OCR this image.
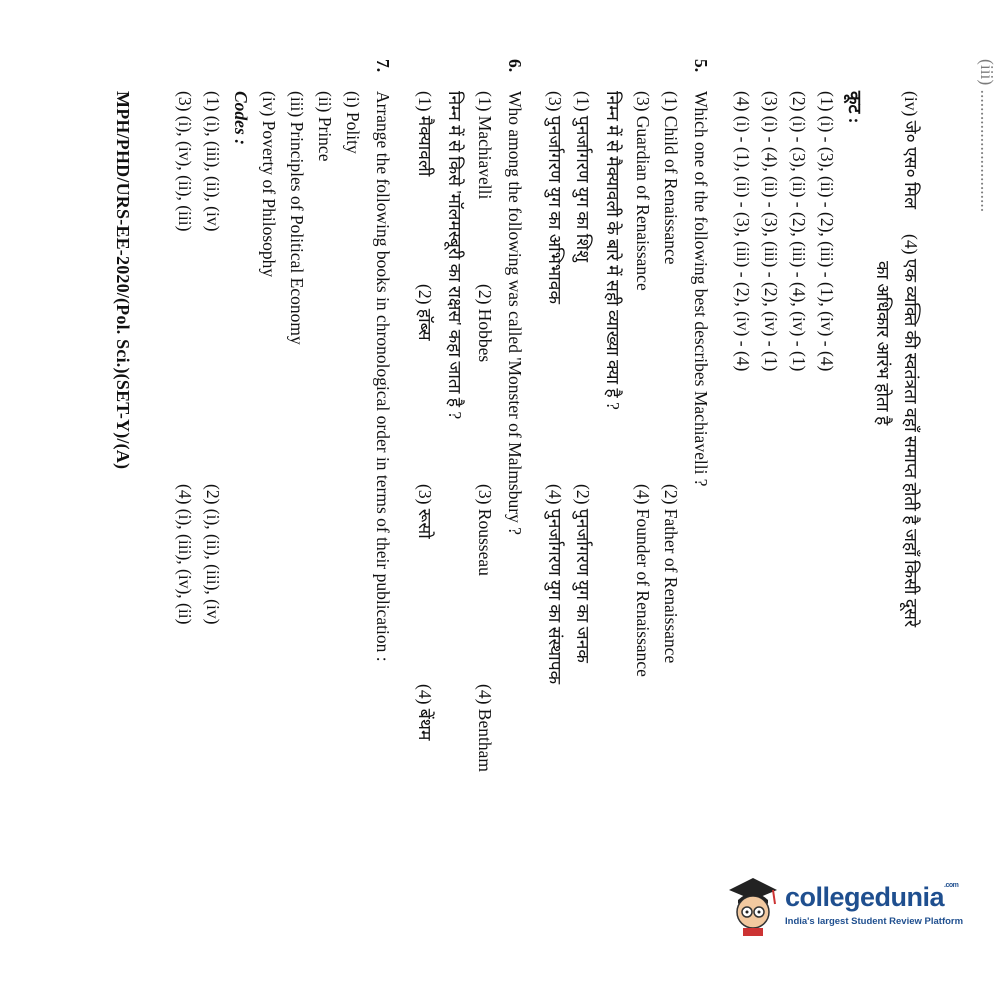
(iii) ............................
(iv) जे० एस० मिल
(4) एक व्यक्ति की स्वतंत्रता वहाँ समाप्त होती है जहाँ किसी दूसरे
का अधिकार आरंभ होता है
कूट :
(1) (i) - (3), (ii) - (2), (iii) - (1), (iv) - (4)
(2) (i) - (3), (ii) - (2), (iii) - (4), (iv) - (1)
(3) (i) - (4), (ii) - (3), (iii) - (2), (iv) - (1)
(4) (i) - (1), (ii) - (3), (iii) - (2), (iv) - (4)
5.
Which one of the following best describes Machiavelli ?
(1) Child of Renaissance
(2) Father of Renaissance
(3) Guardian of Renaissance
(4) Founder of Renaissance
निम्न में से मैक्यावली के बारे में सही व्याख्या क्या है ?
(1) पुनर्जागरण युग का शिशु
(2) पुनर्जागरण युग का जनक
(3) पुनर्जागरण युग का अभिभावक
(4) पुनर्जागरण युग का संस्थापक
6.
Who among the following was called 'Monster of Malmsbury ?
(1) Machiavelli
(2) Hobbes
(3) Rousseau
(4) Bentham
निम्न में से किसे 'मॉलमस्बूरी का राक्षस' कहा जाता है ?
(1) मैक्यावली
(2) हॉब्स
(3) रूसो
(4) बेंथम
7.
Arrange the following books in chronological order in terms of their publication :
(i) Polity
(ii) Prince
(iii) Principles of Political Economy
(iv) Poverty of Philosophy
Codes :
(1) (i), (iii), (ii), (iv)
(2) (i), (ii), (iii), (iv)
(3) (i), (iv), (ii), (iii)
(4) (i), (iii), (iv), (ii)
MPH/PHD/URS-EE-2020/(Pol. Sci.)(SET-Y)/(A)
collegedunia$^{.com}$
India's largest Student Review Platform
